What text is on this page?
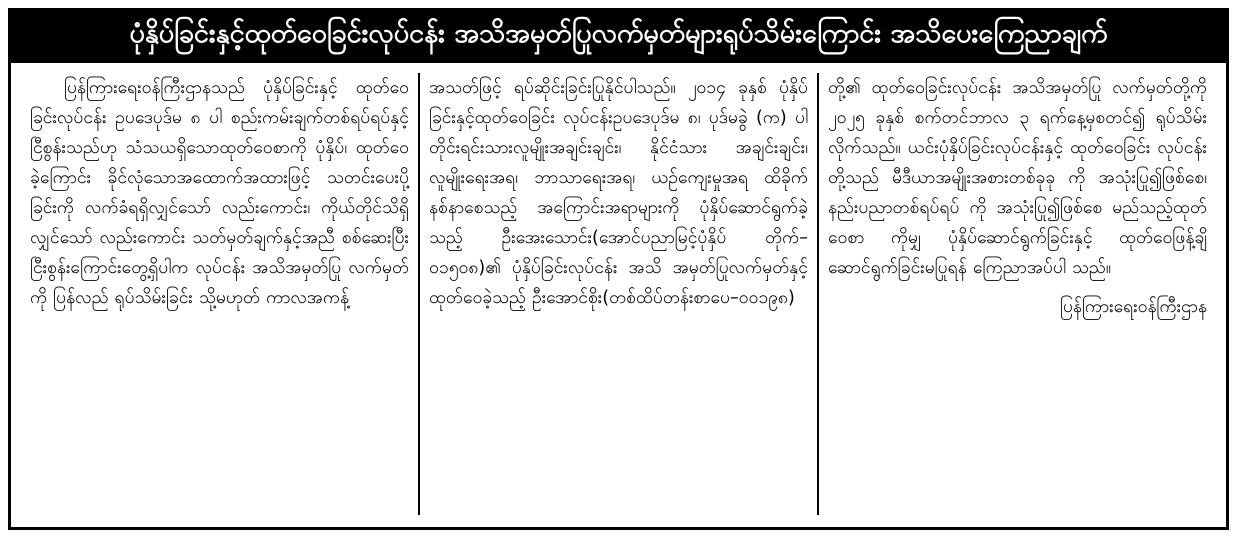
ပုံနှိပ်ခြင်းနှင့်ထုတ်ဝေခြင်းလုပ်ငန်း အသိအမှတ်ပြုလက်မှတ်များရုပ်သိမ်းကြောင်း အသိပေးကြေညာချက်

ပြန်ကြားရေးဝန်ကြီးဌာနသည် ပုံနှိပ်ခြင်းနှင့် ထုတ်ဝေခြင်းလုပ်ငန်း ဥပဒေပုဒ်မ ၈ ပါ စည်းကမ်းချက်တစ်ရပ်ရပ်နှင့် ငြီစွန်းသည်ဟု သံသယရှိသောထုတ်ဝေစာကို ပုံနှိပ်၊ ထုတ်ဝေခဲ့ကြောင်း ခိုင်လုံသောအထောက်အထားဖြင့် သတင်းပေးပို့ခြင်းကို လက်ခံရရှိလျှင်သော် လည်းကောင်း၊ ကိုယ်တိုင်သိရှိလျှင်သော် လည်းကောင်း သတ်မှတ်ချက်နှင့်အညီ စစ်ဆေးပြီးငြီးစွန်းကြောင်းတွေ့ရှိပါက လုပ်ငန်း အသိအမှတ်ပြု လက်မှတ်ကို ပြန်လည် ရုပ်သိမ်းခြင်း သို့မဟုတ် ကာလအကန့်

အသတ်ဖြင့် ရပ်ဆိုင်းခြင်းပြုနိုင်ပါသည်။ ၂၀၁၄ ခုနှစ် ပုံနှိပ်ခြင်းနှင့်ထုတ်ဝေခြင်း လုပ်ငန်းဥပဒေပုဒ်မ ၈၊ ပုဒ်မခွဲ (က) ပါ တိုင်းရင်းသားလူမျိုးအချင်းချင်း၊ နိုင်ငံသား အချင်းချင်း၊ လူမျိုးရေးအရ၊ ဘာသာရေးအရ၊ ယဉ်ကျေးမှုအရ ထိခိုက်နစ်နာစေသည့် အကြောင်းအရာများကို ပုံနှိပ်ဆောင်ရွက်ခဲ့ သည့် ဦးအေးသောင်း(အောင်ပညာမြင့်ပုံနှိပ် တိုက်–၀၁၅၀၈)၏ ပုံနှိပ်ခြင်းလုပ်ငန်း အသိ အမှတ်ပြုလက်မှတ်နှင့် ထုတ်ဝေခဲ့သည့် ဦးအောင်စိုး(တစ်ထိပ်တန်းစာပေ–၀၀၁၉၈)

တို့၏ ထုတ်ဝေခြင်းလုပ်ငန်း အသိအမှတ်ပြု လက်မှတ်တို့ကို ၂၀၂၅ ခုနှစ် စက်တင်ဘာလ ၃ ရက်နေ့မှစတင်၍ ရုပ်သိမ်းလိုက်သည်။ ယင်းပုံနှိပ်ခြင်းလုပ်ငန်းနှင့် ထုတ်ဝေခြင်း လုပ်ငန်းတို့သည် မီဒီယာအမျိုးအစားတစ်ခုခု ကို အသုံးပြု၍ဖြစ်စေ၊ နည်းပညာတစ်ရပ်ရပ် ကို အသုံးပြု၍ဖြစ်စေ မည်သည့်ထုတ်ဝေစာ ကိုမျှ ပုံနှိပ်ဆောင်ရွက်ခြင်းနှင့် ထုတ်ဝေဖြန့်ချိ ဆောင်ရွက်ခြင်းမပြုရန် ကြေညာအပ်ပါ သည်။

ပြန်ကြားရေးဝန်ကြီးဌာန
